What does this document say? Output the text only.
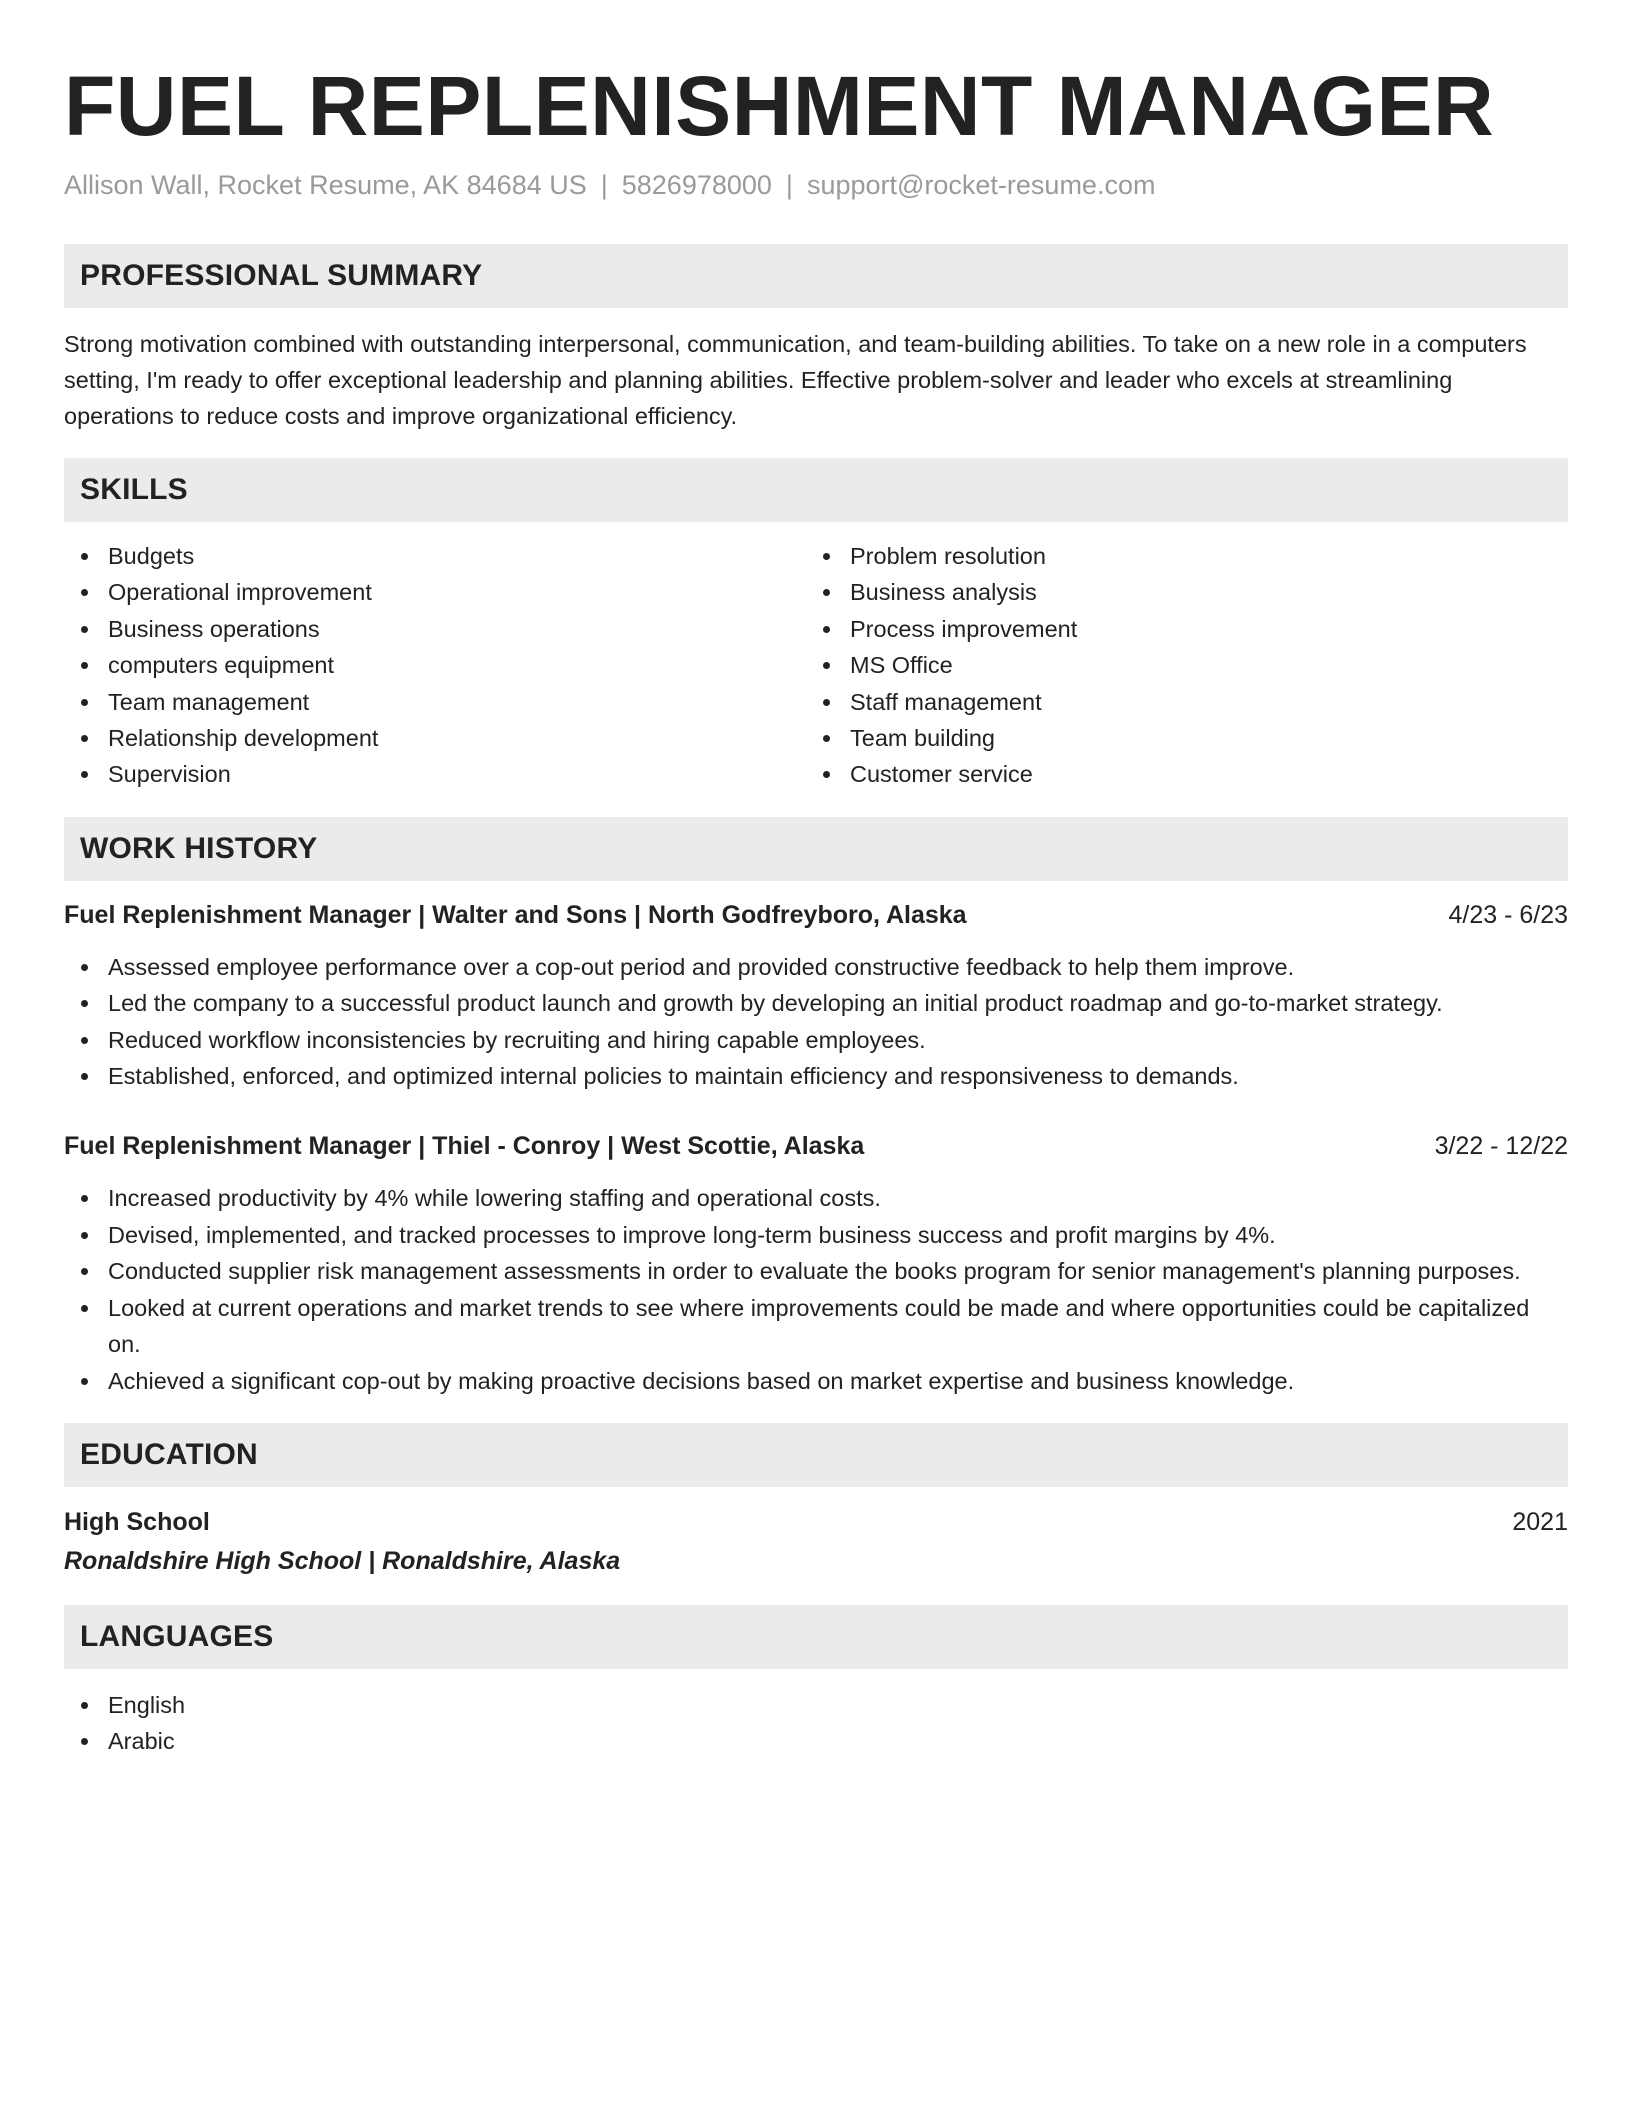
FUEL REPLENISHMENT MANAGER
Allison Wall, Rocket Resume, AK 84684 US | 5826978000 | support@rocket-resume.com
PROFESSIONAL SUMMARY

Strong motivation combined with outstanding interpersonal, communication, and team-building abilities. To take on a new role in a computers setting, I'm ready to offer exceptional leadership and planning abilities. Effective problem-solver and leader who excels at streamlining operations to reduce costs and improve organizational efficiency.

SKILLS
Budgets
Operational improvement
Business operations
computers equipment
Team management
Relationship development
Supervision
Problem resolution
Business analysis
Process improvement
MS Office
Staff management
Team building
Customer service
WORK HISTORY
Fuel Replenishment Manager | Walter and Sons | North Godfreyboro, Alaska	4/23 - 6/23
Assessed employee performance over a cop-out period and provided constructive feedback to help them improve.
Led the company to a successful product launch and growth by developing an initial product roadmap and go-to-market strategy.
Reduced workflow inconsistencies by recruiting and hiring capable employees.
Established, enforced, and optimized internal policies to maintain efficiency and responsiveness to demands.
Fuel Replenishment Manager | Thiel - Conroy | West Scottie, Alaska	3/22 - 12/22
Increased productivity by 4% while lowering staffing and operational costs.
Devised, implemented, and tracked processes to improve long-term business success and profit margins by 4%.
Conducted supplier risk management assessments in order to evaluate the books program for senior management's planning purposes.
Looked at current operations and market trends to see where improvements could be made and where opportunities could be capitalized on.
Achieved a significant cop-out by making proactive decisions based on market expertise and business knowledge.
EDUCATION
High School	2021
Ronaldshire High School | Ronaldshire, Alaska
LANGUAGES
English
Arabic
